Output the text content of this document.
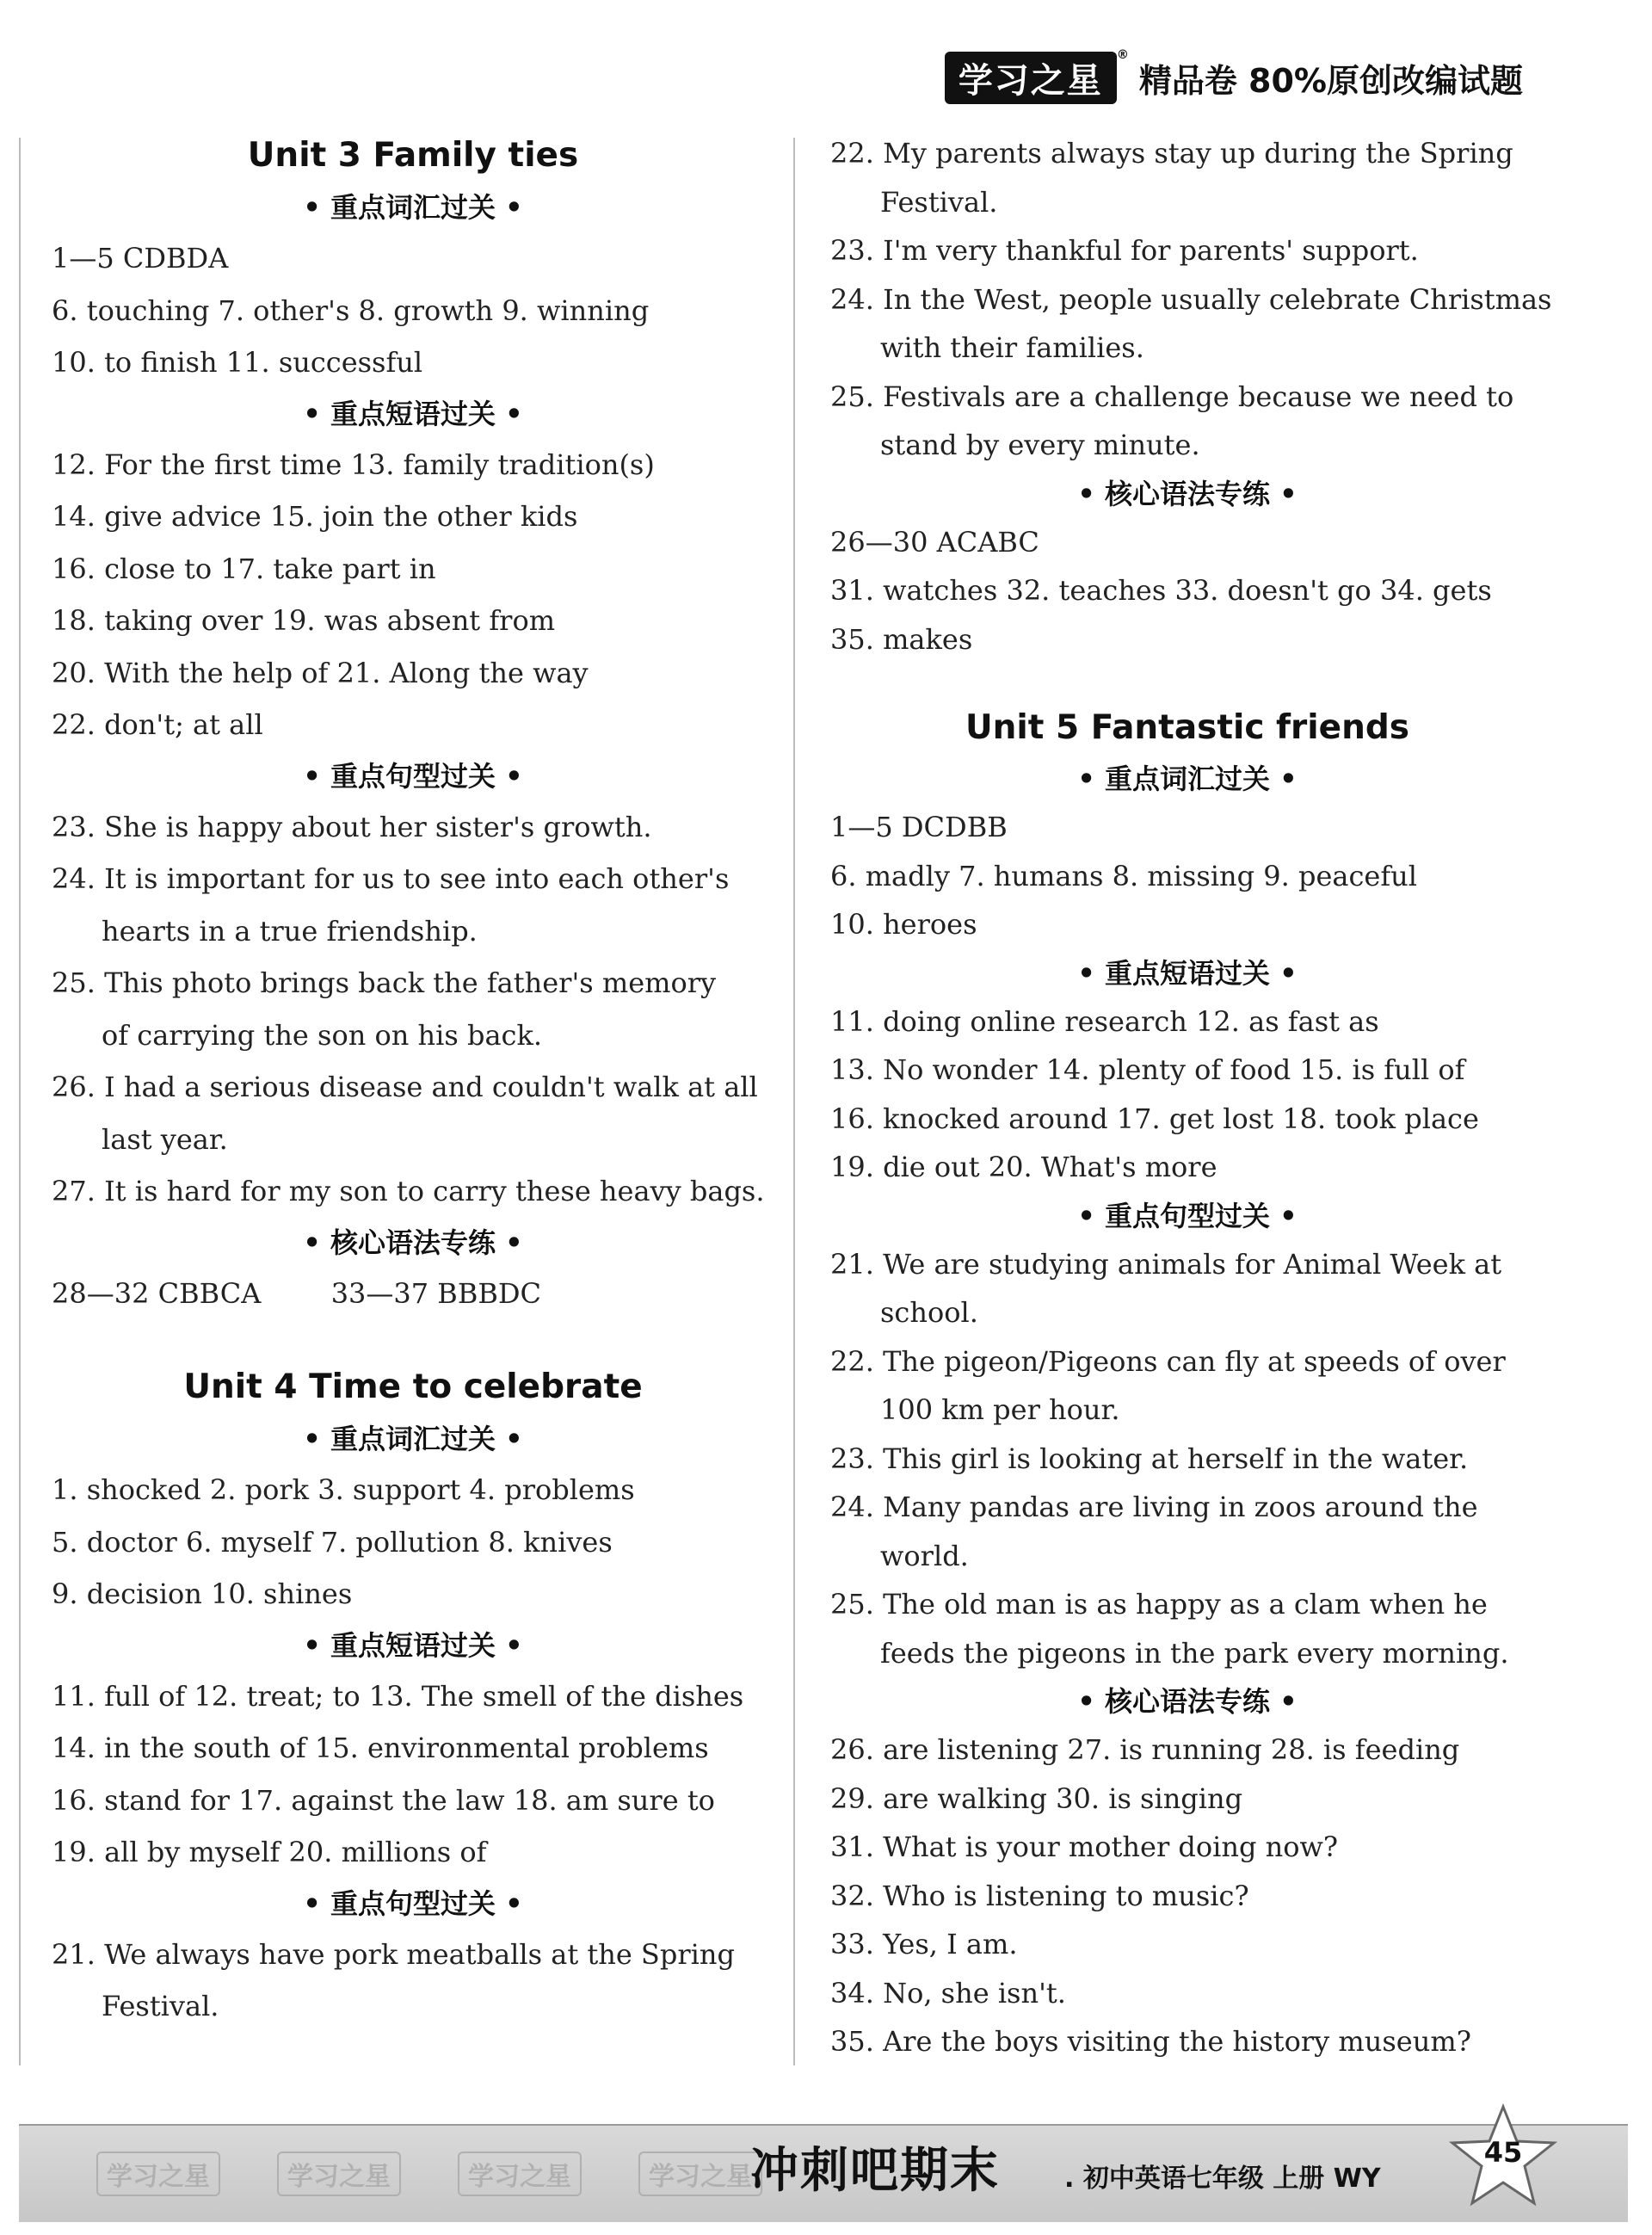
学习之星
®
精品卷 80%原创改编试题
Unit 3 Family ties
• 重点词汇过关 •
1—5 CDBDA
6. touching 7. other's 8. growth 9. winning
10. to finish 11. successful
• 重点短语过关 •
12. For the first time 13. family tradition(s)
14. give advice 15. join the other kids
16. close to 17. take part in
18. taking over 19. was absent from
20. With the help of 21. Along the way
22. don't; at all
• 重点句型过关 •
23. She is happy about her sister's growth.
24. It is important for us to see into each other's
hearts in a true friendship.
25. This photo brings back the father's memory
of carrying the son on his back.
26. I had a serious disease and couldn't walk at all
last year.
27. It is hard for my son to carry these heavy bags.
• 核心语法专练 •
28—32 CBBCA        33—37 BBBDC
Unit 4 Time to celebrate
• 重点词汇过关 •
1. shocked 2. pork 3. support 4. problems
5. doctor 6. myself 7. pollution 8. knives
9. decision 10. shines
• 重点短语过关 •
11. full of 12. treat; to 13. The smell of the dishes
14. in the south of 15. environmental problems
16. stand for 17. against the law 18. am sure to
19. all by myself 20. millions of
• 重点句型过关 •
21. We always have pork meatballs at the Spring
Festival.
22. My parents always stay up during the Spring
Festival.
23. I'm very thankful for parents' support.
24. In the West, people usually celebrate Christmas
with their families.
25. Festivals are a challenge because we need to
stand by every minute.
• 核心语法专练 •
26—30 ACABC
31. watches 32. teaches 33. doesn't go 34. gets
35. makes
Unit 5 Fantastic friends
• 重点词汇过关 •
1—5 DCDBB
6. madly 7. humans 8. missing 9. peaceful
10. heroes
• 重点短语过关 •
11. doing online research 12. as fast as
13. No wonder 14. plenty of food 15. is full of
16. knocked around 17. get lost 18. took place
19. die out 20. What's more
• 重点句型过关 •
21. We are studying animals for Animal Week at
school.
22. The pigeon/Pigeons can fly at speeds of over
100 km per hour.
23. This girl is looking at herself in the water.
24. Many pandas are living in zoos around the
world.
25. The old man is as happy as a clam when he
feeds the pigeons in the park every morning.
• 核心语法专练 •
26. are listening 27. is running 28. is feeding
29. are walking 30. is singing
31. What is your mother doing now?
32. Who is listening to music?
33. Yes, I am.
34. No, she isn't.
35. Are the boys visiting the history museum?
学习之星	学习之星	学习之星	学习之星
冲刺吧期末	. 初中英语七年级 上册 WY
45
